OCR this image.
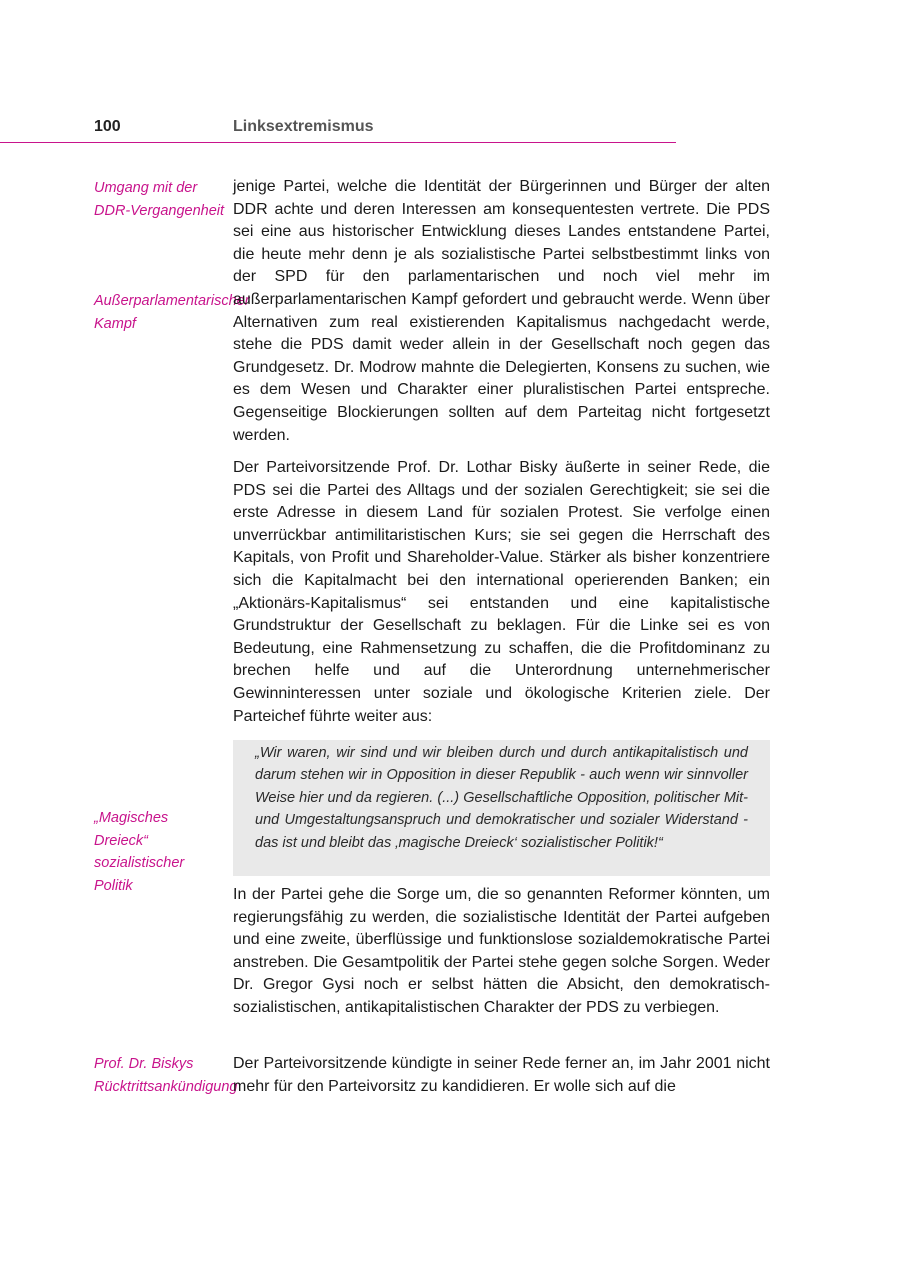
100	Linksextremismus
Umgang mit der DDR-Vergangenheit
Außerparlamentarischer Kampf
„Magisches Dreieck“ sozialistischer Politik
Prof. Dr. Biskys Rücktrittsankündigung

jenige Partei, welche die Identität der Bürgerinnen und Bürger der alten DDR achte und deren Interessen am konsequentesten vertrete. Die PDS sei eine aus historischer Entwicklung dieses Landes entstandene Partei, die heute mehr denn je als sozialistische Partei selbstbestimmt links von der SPD für den parlamentarischen und noch viel mehr im außerparlamentarischen Kampf gefordert und gebraucht werde. Wenn über Alternativen zum real existierenden Kapitalismus nachgedacht werde, stehe die PDS damit weder allein in der Gesellschaft noch gegen das Grundgesetz. Dr. Modrow mahnte die Delegierten, Konsens zu suchen, wie es dem Wesen und Charakter einer pluralistischen Partei entspreche. Gegenseitige Blockierungen sollten auf dem Parteitag nicht fortgesetzt werden.

Der Parteivorsitzende Prof. Dr. Lothar Bisky äußerte in seiner Rede, die PDS sei die Partei des Alltags und der sozialen Gerechtigkeit; sie sei die erste Adresse in diesem Land für sozialen Protest. Sie verfolge einen unverrückbar antimilitaristischen Kurs; sie sei gegen die Herrschaft des Kapitals, von Profit und Shareholder-Value. Stärker als bisher konzentriere sich die Kapitalmacht bei den international operierenden Banken; ein „Aktionärs-Kapitalismus“ sei entstanden und eine kapitalistische Grundstruktur der Gesellschaft zu beklagen. Für die Linke sei es von Bedeutung, eine Rahmensetzung zu schaffen, die die Profitdominanz zu brechen helfe und auf die Unterordnung unternehmerischer Gewinninteressen unter soziale und ökologische Kriterien ziele. Der Parteichef führte weiter aus:

„Wir waren, wir sind und wir bleiben durch und durch antikapitalistisch und darum stehen wir in Opposition in dieser Republik - auch wenn wir sinnvoller Weise hier und da regieren. (...) Gesellschaftliche Opposition, politischer Mit- und Umgestaltungsanspruch und demokratischer und sozialer Widerstand - das ist und bleibt das ‚magische Dreieck‘ sozialistischer Politik!“

In der Partei gehe die Sorge um, die so genannten Reformer könnten, um regierungsfähig zu werden, die sozialistische Identität der Partei aufgeben und eine zweite, überflüssige und funktionslose sozialdemokratische Partei anstreben. Die Gesamtpolitik der Partei stehe gegen solche Sorgen. Weder Dr. Gregor Gysi noch er selbst hätten die Absicht, den demokratisch-sozialistischen, antikapitalistischen Charakter der PDS zu verbiegen.

Der Parteivorsitzende kündigte in seiner Rede ferner an, im Jahr 2001 nicht mehr für den Parteivorsitz zu kandidieren. Er wolle sich auf die
